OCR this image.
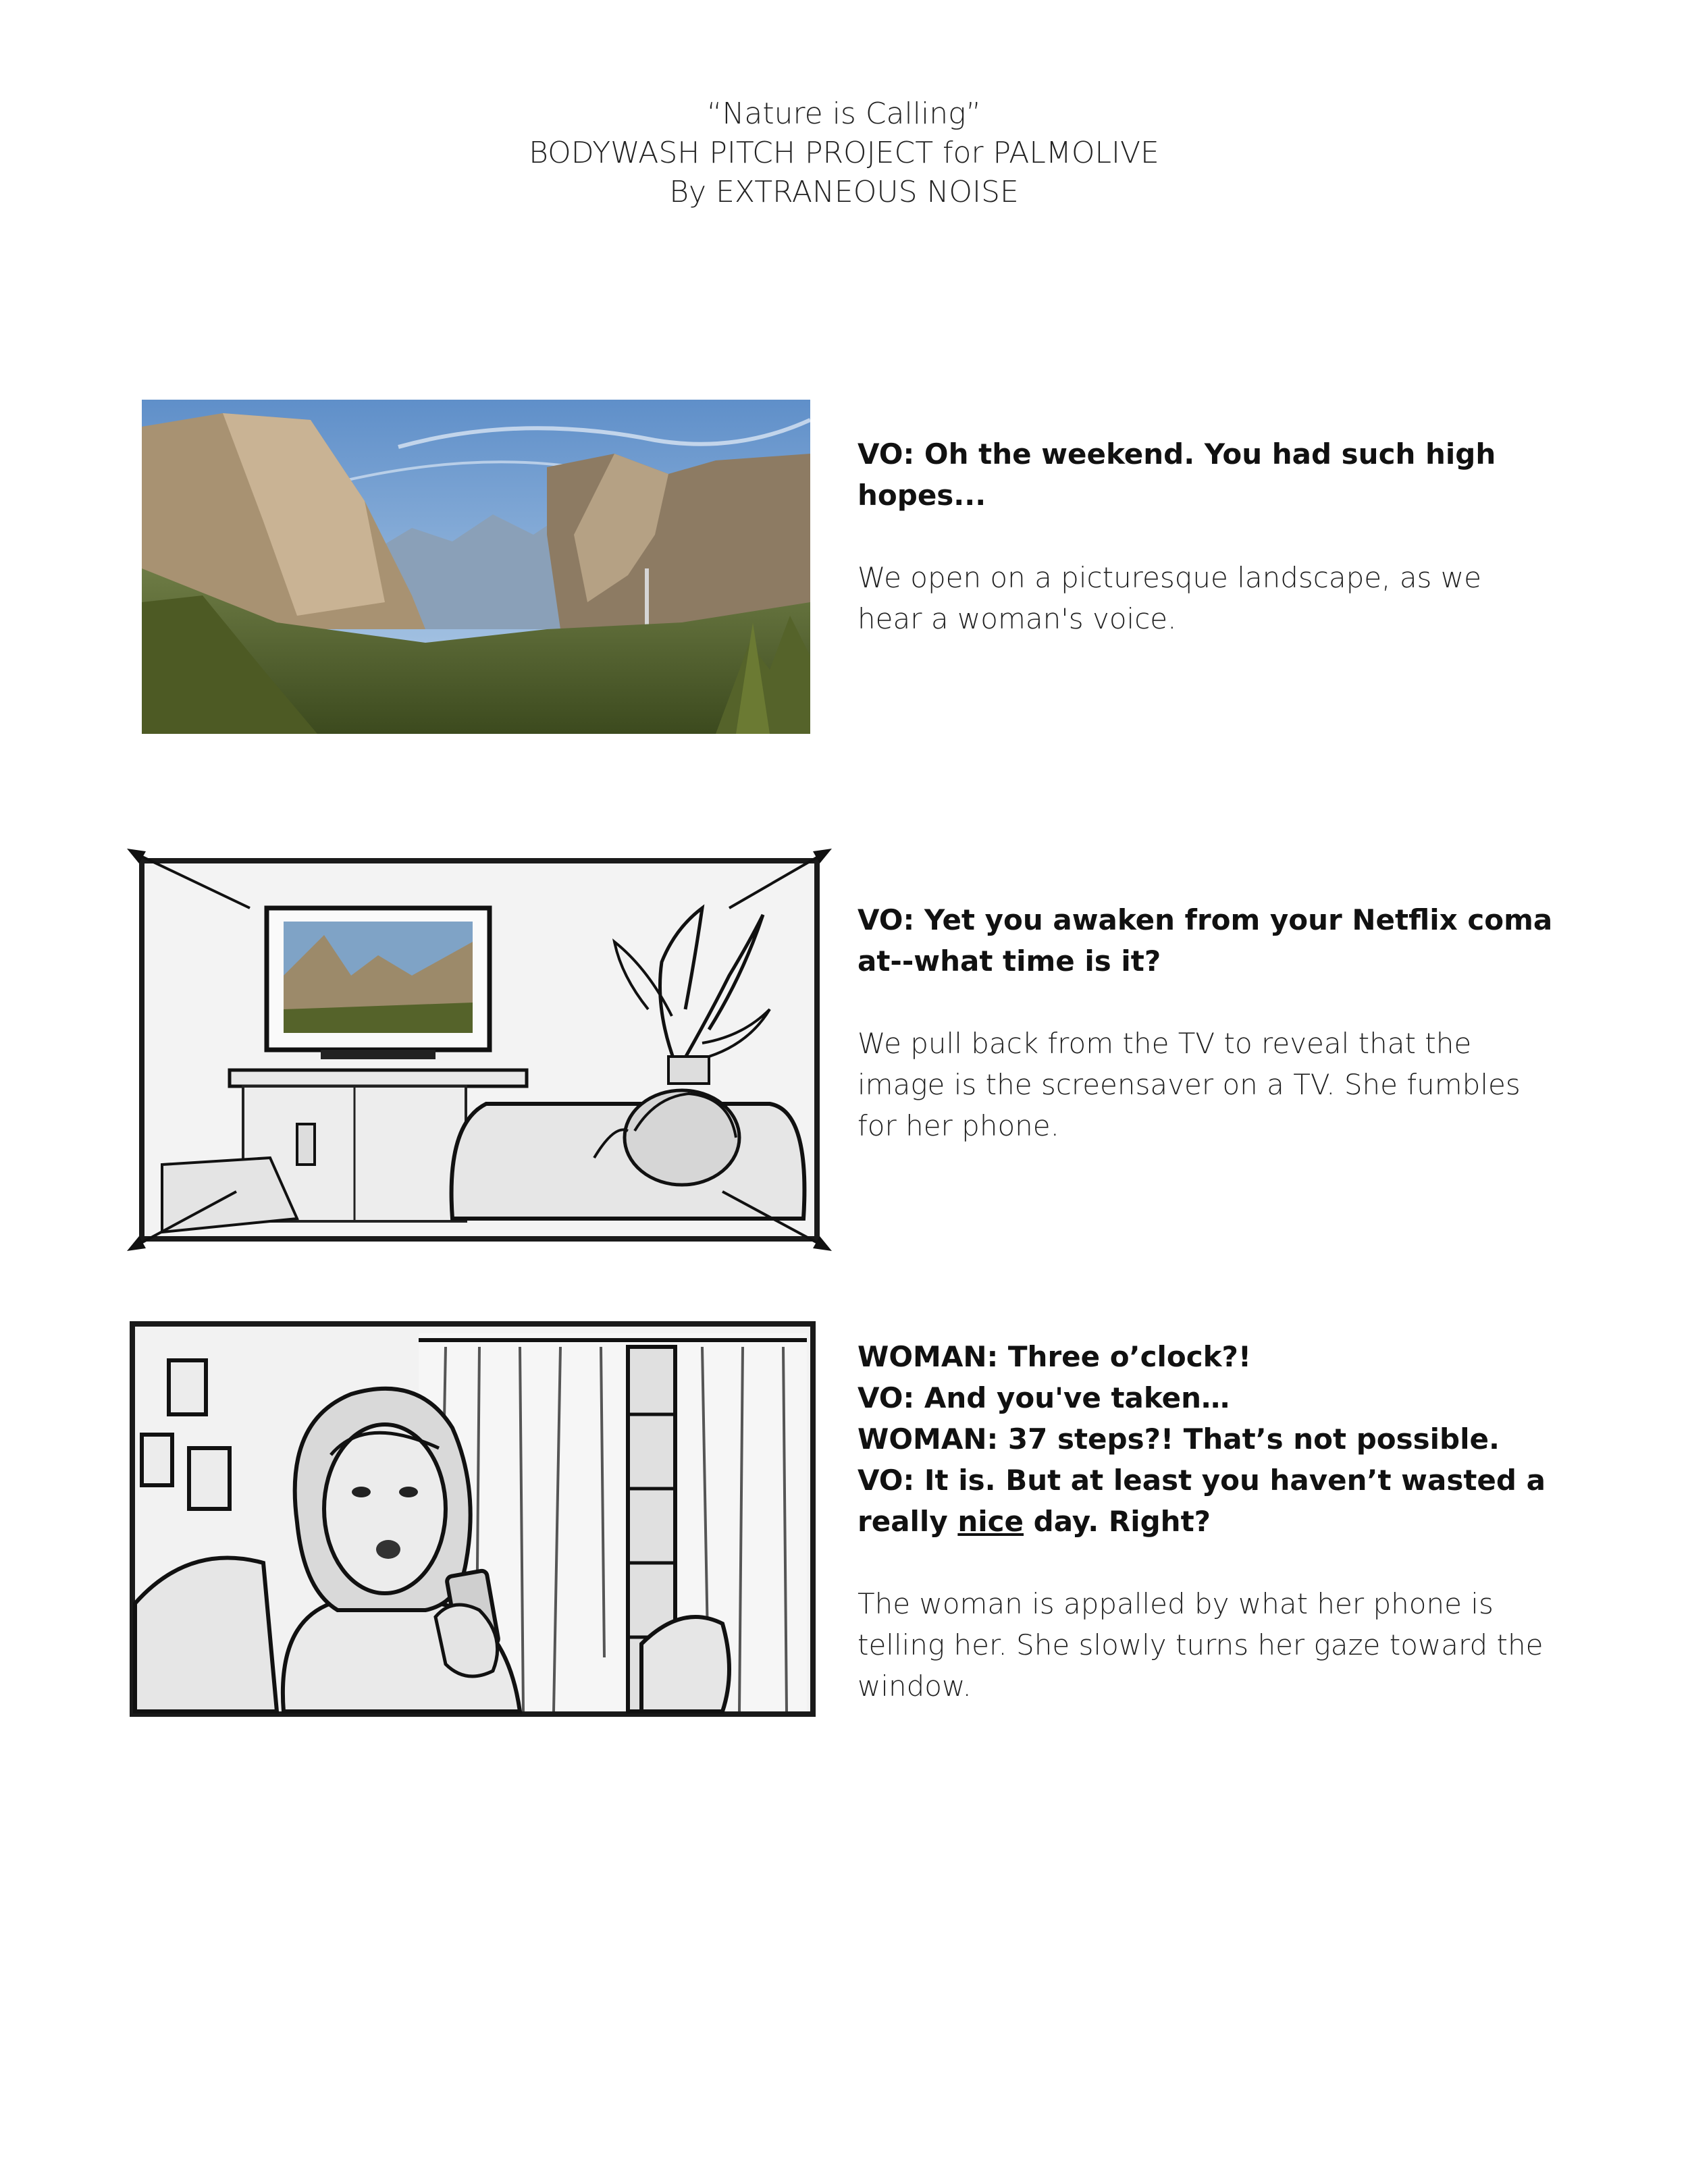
“Nature is Calling”
BODYWASH PITCH PROJECT for PALMOLIVE
By EXTRANEOUS NOISE
VO: Oh the weekend. You had such high
hopes...
We open on a picturesque landscape, as we
hear a woman's voice.
VO: Yet you awaken from your Netflix coma
at--what time is it?
We pull back from the TV to reveal that the
image is the screensaver on a TV. She fumbles
for her phone.
WOMAN: Three o’clock?!
VO: And you've taken…
WOMAN: 37 steps?! That’s not possible.
VO: It is. But at least you haven’t wasted a
really nice day. Right?
The woman is appalled by what her phone is
telling her. She slowly turns her gaze toward the
window.
